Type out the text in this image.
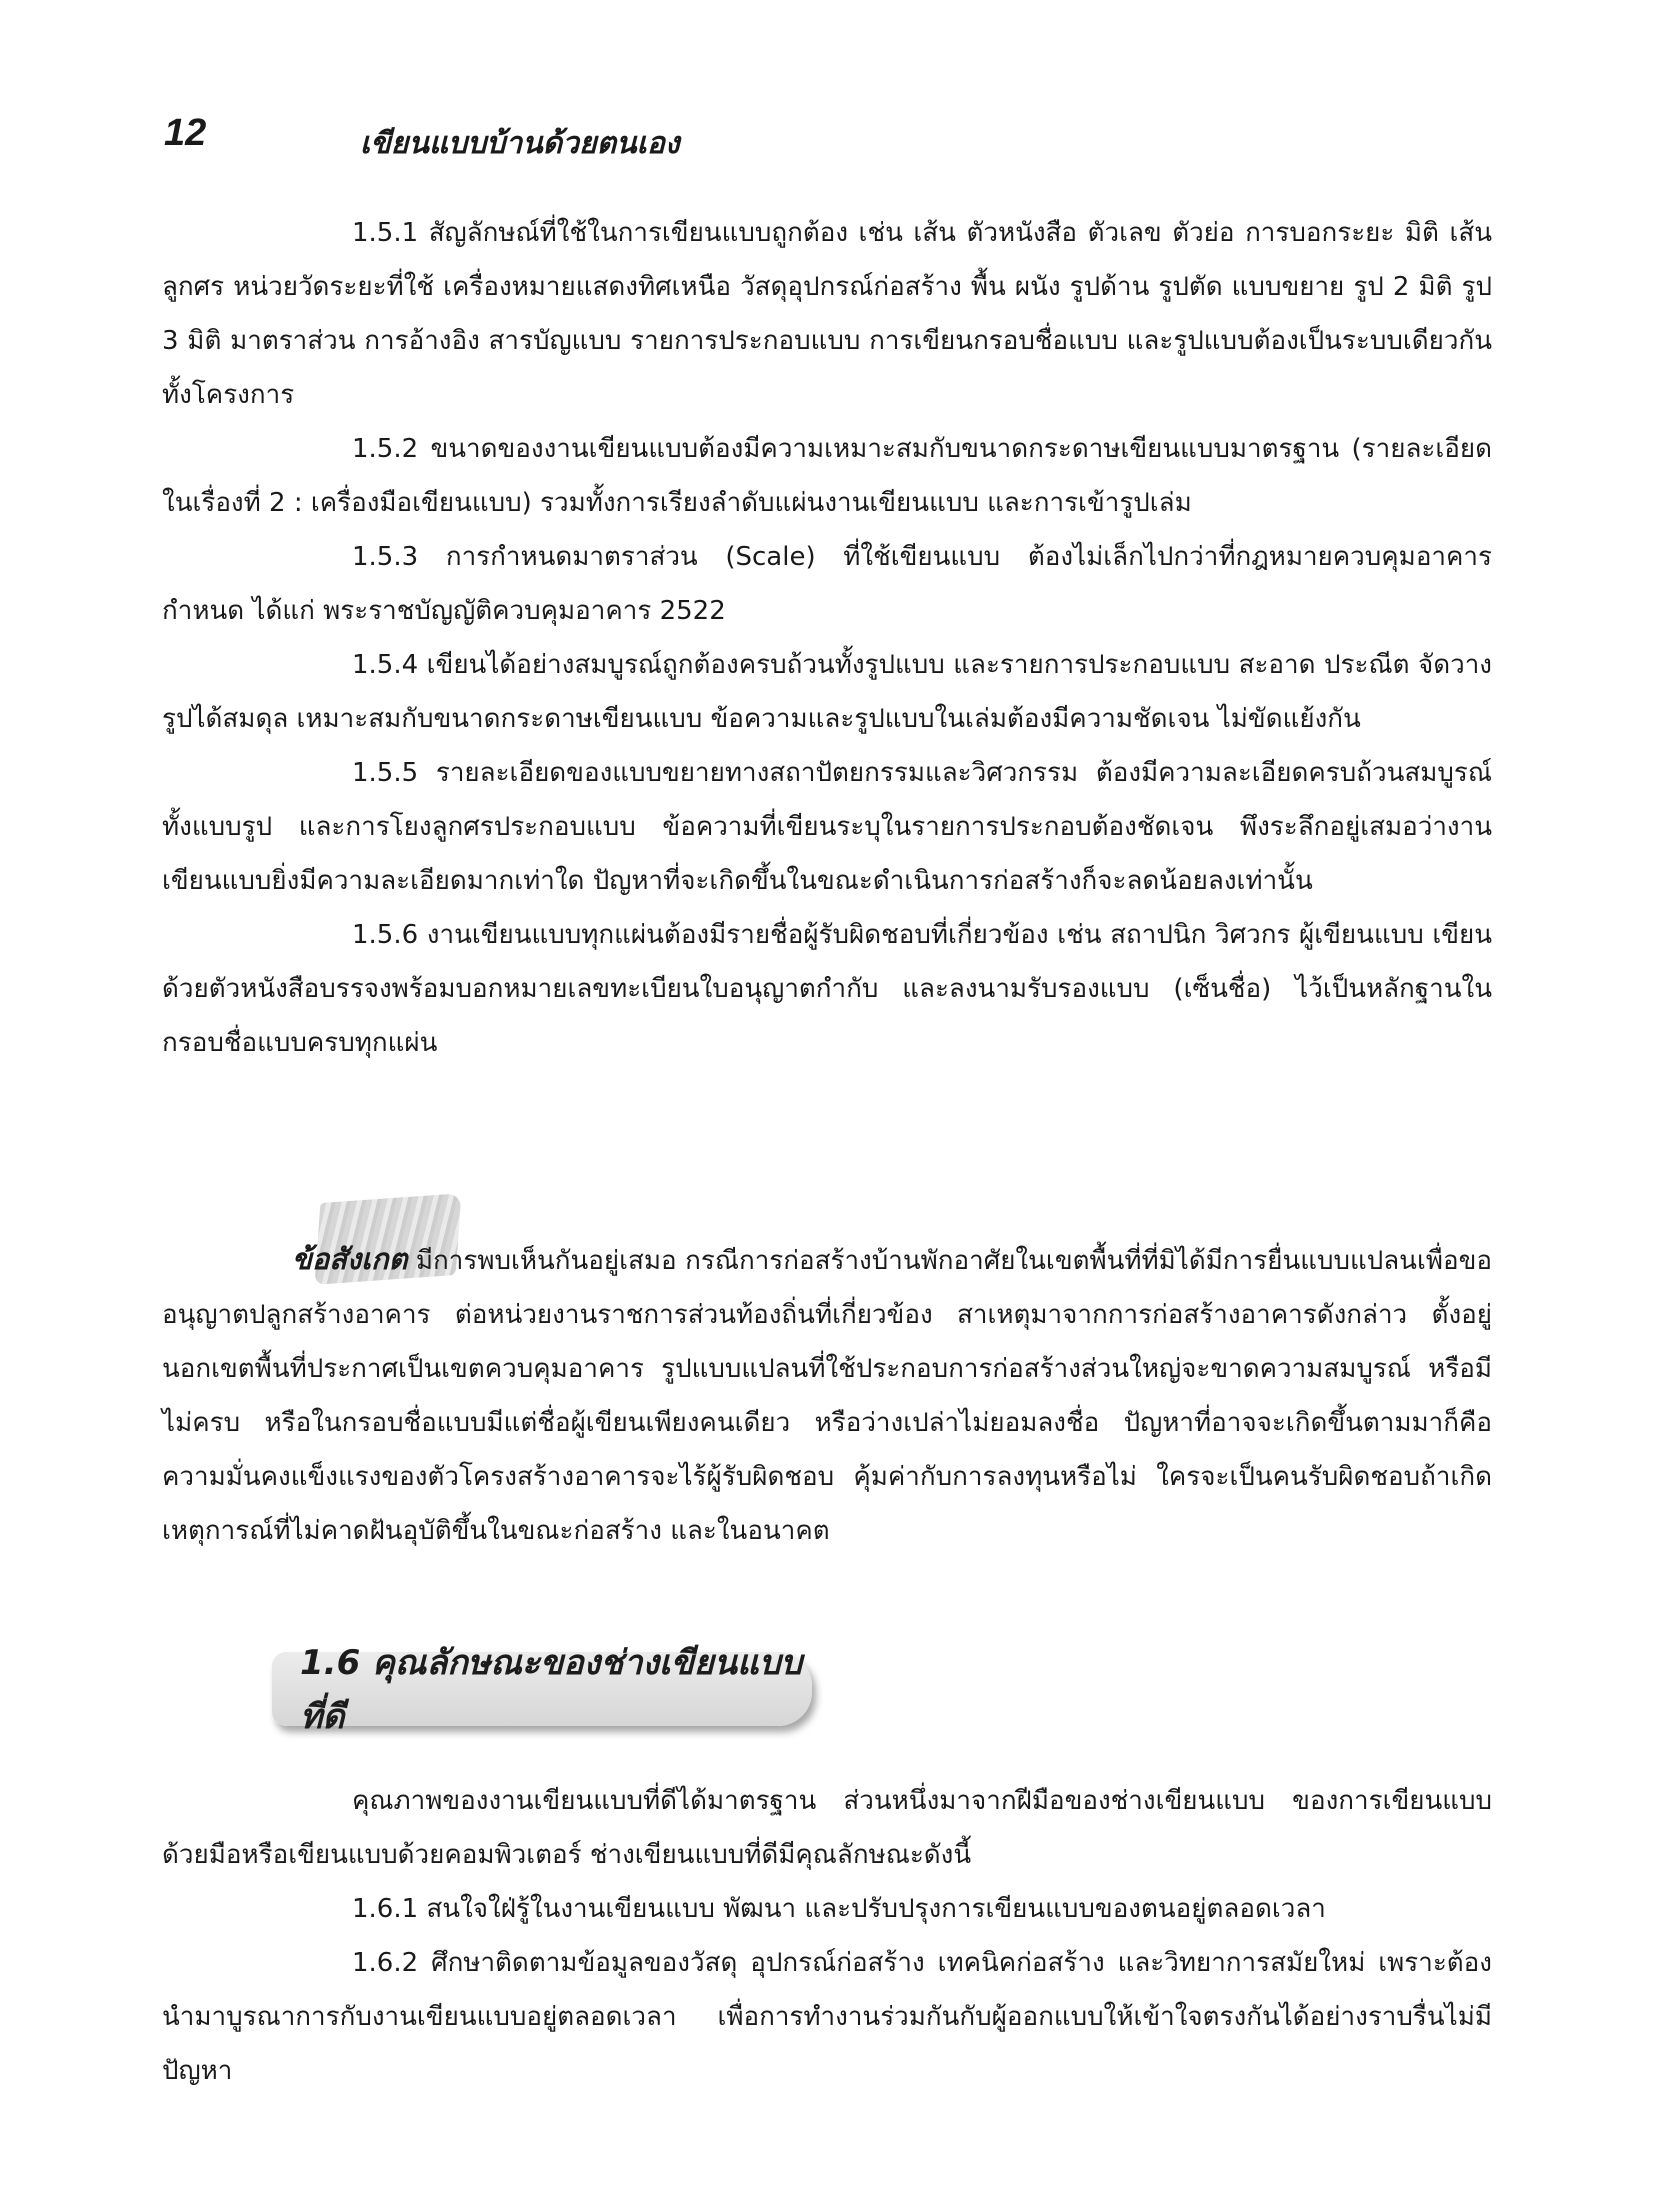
12	เขียนแบบบ้านด้วยตนเอง

1.5.1 สัญลักษณ์ที่ใช้ในการเขียนแบบถูกต้อง เช่น เส้น ตัวหนังสือ ตัวเลข ตัวย่อ การบอกระยะ มิติ เส้นลูกศร หน่วยวัดระยะที่ใช้ เครื่องหมายแสดงทิศเหนือ วัสดุอุปกรณ์ก่อสร้าง พื้น ผนัง รูปด้าน รูปตัด แบบขยาย รูป 2 มิติ รูป 3 มิติ มาตราส่วน การอ้างอิง สารบัญแบบ รายการประกอบแบบ การเขียนกรอบชื่อแบบ และรูปแบบต้องเป็นระบบเดียวกันทั้งโครงการ

1.5.2 ขนาดของงานเขียนแบบต้องมีความเหมาะสมกับขนาดกระดาษเขียนแบบมาตรฐาน (รายละเอียดในเรื่องที่ 2 : เครื่องมือเขียนแบบ) รวมทั้งการเรียงลำดับแผ่นงานเขียนแบบ และการเข้ารูปเล่ม

1.5.3 การกำหนดมาตราส่วน (Scale) ที่ใช้เขียนแบบ ต้องไม่เล็กไปกว่าที่กฎหมายควบคุมอาคารกำหนด ได้แก่ พระราชบัญญัติควบคุมอาคาร 2522

1.5.4 เขียนได้อย่างสมบูรณ์ถูกต้องครบถ้วนทั้งรูปแบบ และรายการประกอบแบบ สะอาด ประณีต จัดวางรูปได้สมดุล เหมาะสมกับขนาดกระดาษเขียนแบบ ข้อความและรูปแบบในเล่มต้องมีความชัดเจน ไม่ขัดแย้งกัน

1.5.5 รายละเอียดของแบบขยายทางสถาปัตยกรรมและวิศวกรรม ต้องมีความละเอียดครบถ้วนสมบูรณ์ทั้งแบบรูป และการโยงลูกศรประกอบแบบ ข้อความที่เขียนระบุในรายการประกอบต้องชัดเจน พึงระลึกอยู่เสมอว่างานเขียนแบบยิ่งมีความละเอียดมากเท่าใด ปัญหาที่จะเกิดขึ้นในขณะดำเนินการก่อสร้างก็จะลดน้อยลงเท่านั้น

1.5.6 งานเขียนแบบทุกแผ่นต้องมีรายชื่อผู้รับผิดชอบที่เกี่ยวข้อง เช่น สถาปนิก วิศวกร ผู้เขียนแบบ เขียนด้วยตัวหนังสือบรรจงพร้อมบอกหมายเลขทะเบียนใบอนุญาตกำกับ และลงนามรับรองแบบ (เซ็นชื่อ) ไว้เป็นหลักฐานในกรอบชื่อแบบครบทุกแผ่น

ข้อสังเกต มีการพบเห็นกันอยู่เสมอ กรณีการก่อสร้างบ้านพักอาศัยในเขตพื้นที่ที่มิได้มีการยื่นแบบแปลนเพื่อขออนุญาตปลูกสร้างอาคาร ต่อหน่วยงานราชการส่วนท้องถิ่นที่เกี่ยวข้อง สาเหตุมาจากการก่อสร้างอาคารดังกล่าว ตั้งอยู่นอกเขตพื้นที่ประกาศเป็นเขตควบคุมอาคาร รูปแบบแปลนที่ใช้ประกอบการก่อสร้างส่วนใหญ่จะขาดความสมบูรณ์ หรือมีไม่ครบ หรือในกรอบชื่อแบบมีแต่ชื่อผู้เขียนเพียงคนเดียว หรือว่างเปล่าไม่ยอมลงชื่อ ปัญหาที่อาจจะเกิดขึ้นตามมาก็คือ ความมั่นคงแข็งแรงของตัวโครงสร้างอาคารจะไร้ผู้รับผิดชอบ คุ้มค่ากับการลงทุนหรือไม่ ใครจะเป็นคนรับผิดชอบถ้าเกิดเหตุการณ์ที่ไม่คาดฝันอุบัติขึ้นในขณะก่อสร้าง และในอนาคต

1.6 คุณลักษณะของช่างเขียนแบบที่ดี

คุณภาพของงานเขียนแบบที่ดีได้มาตรฐาน ส่วนหนึ่งมาจากฝีมือของช่างเขียนแบบ ของการเขียนแบบด้วยมือหรือเขียนแบบด้วยคอมพิวเตอร์ ช่างเขียนแบบที่ดีมีคุณลักษณะดังนี้

1.6.1 สนใจใฝ่รู้ในงานเขียนแบบ พัฒนา และปรับปรุงการเขียนแบบของตนอยู่ตลอดเวลา

1.6.2 ศึกษาติดตามข้อมูลของวัสดุ อุปกรณ์ก่อสร้าง เทคนิคก่อสร้าง และวิทยาการสมัยใหม่ เพราะต้องนำมาบูรณาการกับงานเขียนแบบอยู่ตลอดเวลา เพื่อการทำงานร่วมกันกับผู้ออกแบบให้เข้าใจตรงกันได้อย่างราบรื่นไม่มีปัญหา
